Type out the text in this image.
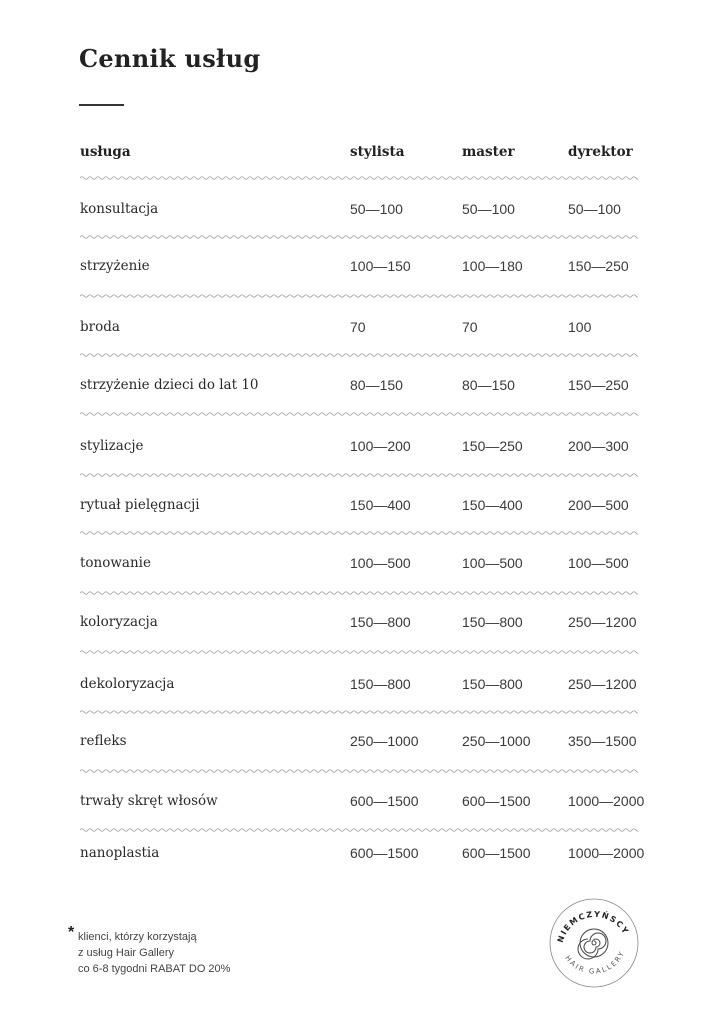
Cennik usług
usługa	stylista	master	dyrektor
konsultacja	50—100	50—100	50—100
strzyżenie	100—150	100—180	150—250
broda	70	70	100
strzyżenie dzieci do lat 10	80—150	80—150	150—250
stylizacje	100—200	150—250	200—300
rytuał pielęgnacji	150—400	150—400	200—500
tonowanie	100—500	100—500	100—500
koloryzacja	150—800	150—800	250—1200
dekoloryzacja	150—800	150—800	250—1200
refleks	250—1000	250—1000	350—1500
trwały skręt włosów	600—1500	600—1500	1000—2000
nanoplastia	600—1500	600—1500	1000—2000
* klienci, którzy korzystają
z usług Hair Gallery
co 6-8 tygodni RABAT DO 20%
NIEMCZYŃSCY
HAIR GALLERY
